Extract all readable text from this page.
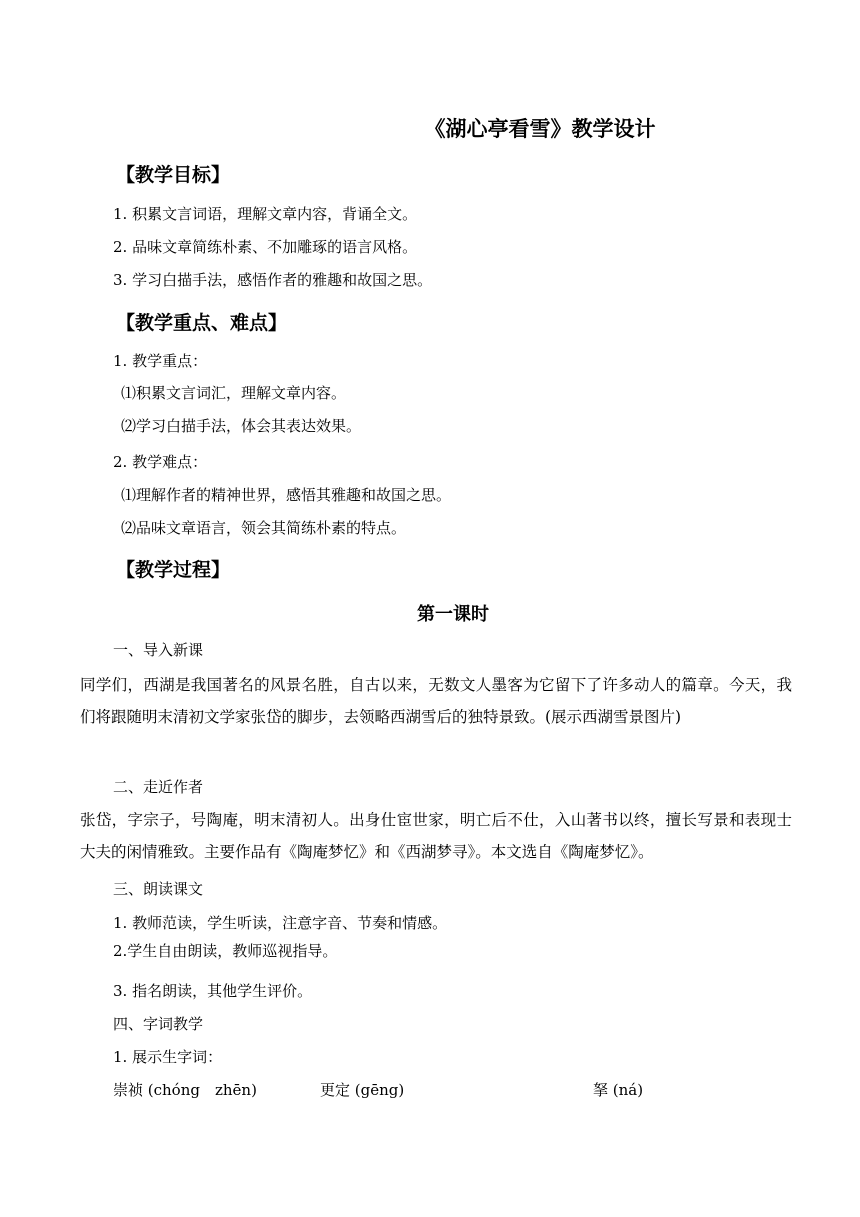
《湖心亭看雪》教学设计
【教学目标】
1. 积累文言词语，理解文章内容，背诵全文。
2. 品味文章简练朴素、不加雕琢的语言风格。
3. 学习白描手法，感悟作者的雅趣和故国之思。
【教学重点、难点】
1. 教学重点：
⑴积累文言词汇，理解文章内容。
⑵学习白描手法，体会其表达效果。
2. 教学难点：
⑴理解作者的精神世界，感悟其雅趣和故国之思。
⑵品味文章语言，领会其简练朴素的特点。
【教学过程】
第一课时
一、导入新课
同学们，西湖是我国著名的风景名胜，自古以来，无数文人墨客为它留下了许多动人的篇章。今天，我们将跟随明末清初文学家张岱的脚步，去领略西湖雪后的独特景致。(展示西湖雪景图片)
二、走近作者
张岱，字宗子，号陶庵，明末清初人。出身仕宦世家，明亡后不仕，入山著书以终，擅长写景和表现士大夫的闲情雅致。主要作品有《陶庵梦忆》和《西湖梦寻》。本文选自《陶庵梦忆》。
三、朗读课文
1. 教师范读，学生听读，注意字音、节奏和情感。
2.学生自由朗读，教师巡视指导。
3. 指名朗读，其他学生评价。
四、字词教学
1. 展示生字词：
崇祯 (chóng　zhēn)	更定 (gēng)	拏 (ná)
